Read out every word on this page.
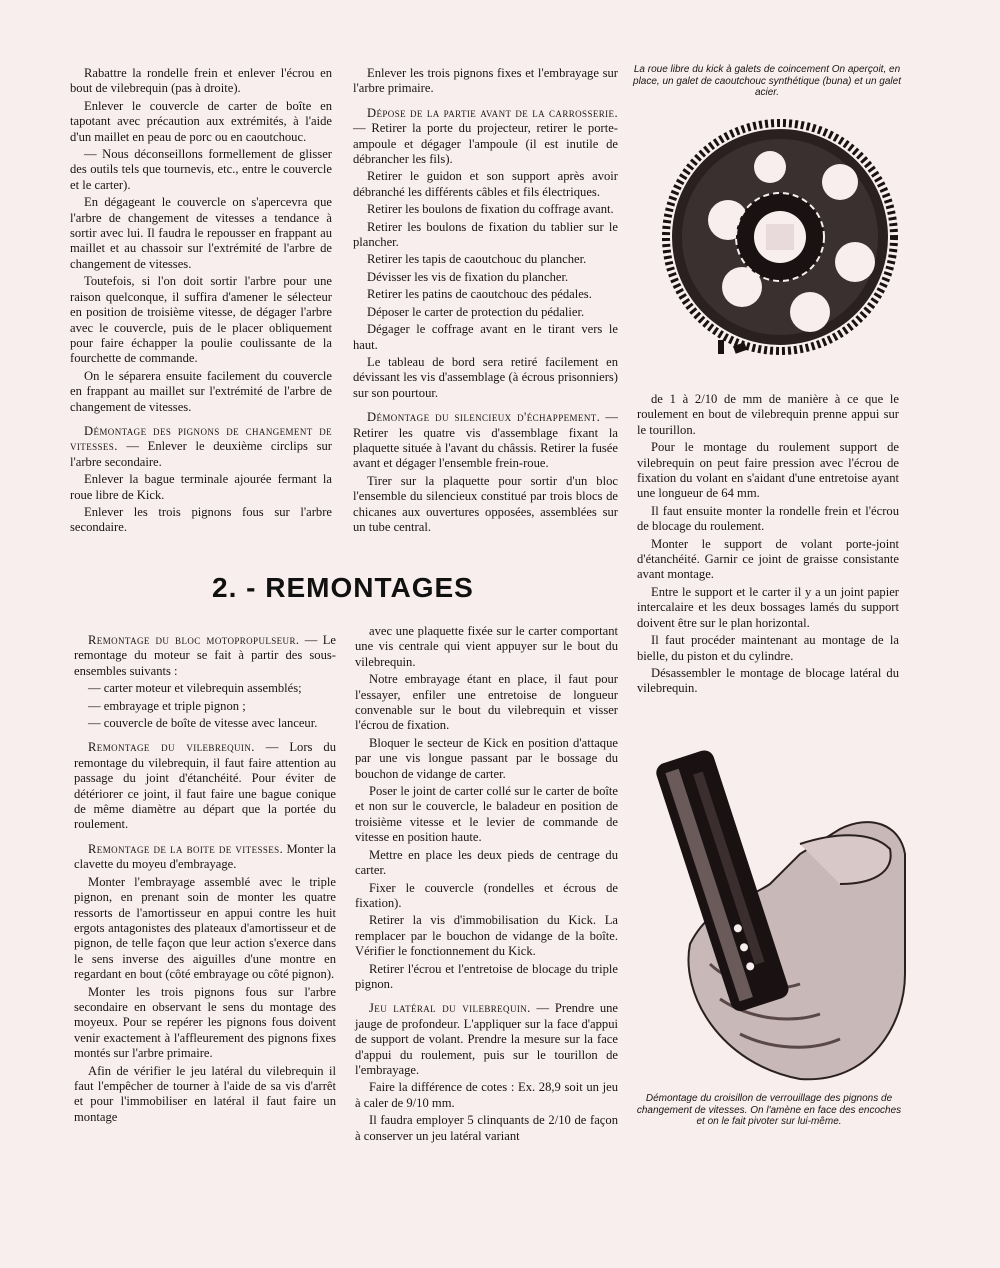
Rabattre la rondelle frein et enlever l'écrou en bout de vilebrequin (pas à droite).

Enlever le couvercle de carter de boîte en tapotant avec précaution aux extrémités, à l'aide d'un maillet en peau de porc ou en caoutchouc.

— Nous déconseillons formellement de glisser des outils tels que tournevis, etc., entre le couvercle et le carter).

En dégageant le couvercle on s'apercevra que l'arbre de changement de vitesses a tendance à sortir avec lui. Il faudra le repousser en frappant au maillet et au chassoir sur l'extrémité de l'arbre de changement de vitesses.

Toutefois, si l'on doit sortir l'arbre pour une raison quelconque, il suffira d'amener le sélecteur en position de troisième vitesse, de dégager l'arbre avec le couvercle, puis de le placer obliquement pour faire échapper la poulie coulissante de la fourchette de commande.

On le séparera ensuite facilement du couvercle en frappant au maillet sur l'extrémité de l'arbre de changement de vitesses.

Démontage des pignons de changement de vitesses. — Enlever le deuxième circlips sur l'arbre secondaire.

Enlever la bague terminale ajourée fermant la roue libre de Kick.

Enlever les trois pignons fous sur l'arbre secondaire.

Enlever les trois pignons fixes et l'embrayage sur l'arbre primaire.

Dépose de la partie avant de la carrosserie. — Retirer la porte du projecteur, retirer le porte-ampoule et dégager l'ampoule (il est inutile de débrancher les fils).

Retirer le guidon et son support après avoir débranché les différents câbles et fils électriques.

Retirer les boulons de fixation du coffrage avant.

Retirer les boulons de fixation du tablier sur le plancher.

Retirer les tapis de caoutchouc du plancher.

Dévisser les vis de fixation du plancher.

Retirer les patins de caoutchouc des pédales.

Déposer le carter de protection du pédalier.

Dégager le coffrage avant en le tirant vers le haut.

Le tableau de bord sera retiré facilement en dévissant les vis d'assemblage (à écrous prisonniers) sur son pourtour.

Démontage du silencieux d'échappement. — Retirer les quatre vis d'assemblage fixant la plaquette située à l'avant du châssis. Retirer la fusée avant et dégager l'ensemble frein-roue.

Tirer sur la plaquette pour sortir d'un bloc l'ensemble du silencieux constitué par trois blocs de chicanes aux ouvertures opposées, assemblées sur un tube central.

La roue libre du kick à galets de coincement On aperçoit, en place, un galet de caoutchouc synthétique (buna) et un galet acier.

de 1 à 2/10 de mm de manière à ce que le roulement en bout de vilebrequin prenne appui sur le tourillon.

Pour le montage du roulement support de vilebrequin on peut faire pression avec l'écrou de fixation du volant en s'aidant d'une entretoise ayant une longueur de 64 mm.

Il faut ensuite monter la rondelle frein et l'écrou de blocage du roulement.

Monter le support de volant porte-joint d'étanchéité. Garnir ce joint de graisse consistante avant montage.

Entre le support et le carter il y a un joint papier intercalaire et les deux bossages lamés du support doivent être sur le plan horizontal.

Il faut procéder maintenant au montage de la bielle, du piston et du cylindre.

Désassembler le montage de blocage latéral du vilebrequin.

2. - REMONTAGES

Remontage du bloc motopropulseur. — Le remontage du moteur se fait à partir des sous-ensembles suivants :

— carter moteur et vilebrequin assemblés;

— embrayage et triple pignon ;

— couvercle de boîte de vitesse avec lanceur.

Remontage du vilebrequin. — Lors du remontage du vilebrequin, il faut faire attention au passage du joint d'étanchéité. Pour éviter de détériorer ce joint, il faut faire une bague conique de même diamètre au départ que la portée du roulement.

Remontage de la boite de vitesses. Monter la clavette du moyeu d'embrayage.

Monter l'embrayage assemblé avec le triple pignon, en prenant soin de monter les quatre ressorts de l'amortisseur en appui contre les huit ergots antagonistes des plateaux d'amortisseur et de pignon, de telle façon que leur action s'exerce dans le sens inverse des aiguilles d'une montre en regardant en bout (côté embrayage ou côté pignon).

Monter les trois pignons fous sur l'arbre secondaire en observant le sens du montage des moyeux. Pour se repérer les pignons fous doivent venir exactement à l'affleurement des pignons fixes montés sur l'arbre primaire.

Afin de vérifier le jeu latéral du vilebrequin il faut l'empêcher de tourner à l'aide de sa vis d'arrêt et pour l'immobiliser en latéral il faut faire un montage

avec une plaquette fixée sur le carter comportant une vis centrale qui vient appuyer sur le bout du vilebrequin.

Notre embrayage étant en place, il faut pour l'essayer, enfiler une entretoise de longueur convenable sur le bout du vilebrequin et visser l'écrou de fixation.

Bloquer le secteur de Kick en position d'attaque par une vis longue passant par le bossage du bouchon de vidange de carter.

Poser le joint de carter collé sur le carter de boîte et non sur le couvercle, le baladeur en position de troisième vitesse et le levier de commande de vitesse en position haute.

Mettre en place les deux pieds de centrage du carter.

Fixer le couvercle (rondelles et écrous de fixation).

Retirer la vis d'immobilisation du Kick. La remplacer par le bouchon de vidange de la boîte. Vérifier le fonctionnement du Kick.

Retirer l'écrou et l'entretoise de blocage du triple pignon.

Jeu latéral du vilebrequin. — Prendre une jauge de profondeur. L'appliquer sur la face d'appui de support de volant. Prendre la mesure sur la face d'appui du roulement, puis sur le tourillon de l'embrayage.

Faire la différence de cotes : Ex. 28,9 soit un jeu à caler de 9/10 mm.

Il faudra employer 5 clinquants de 2/10 de façon à conserver un jeu latéral variant

Démontage du croisillon de verrouillage des pignons de changement de vitesses. On l'amène en face des encoches et on le fait pivoter sur lui-même.
